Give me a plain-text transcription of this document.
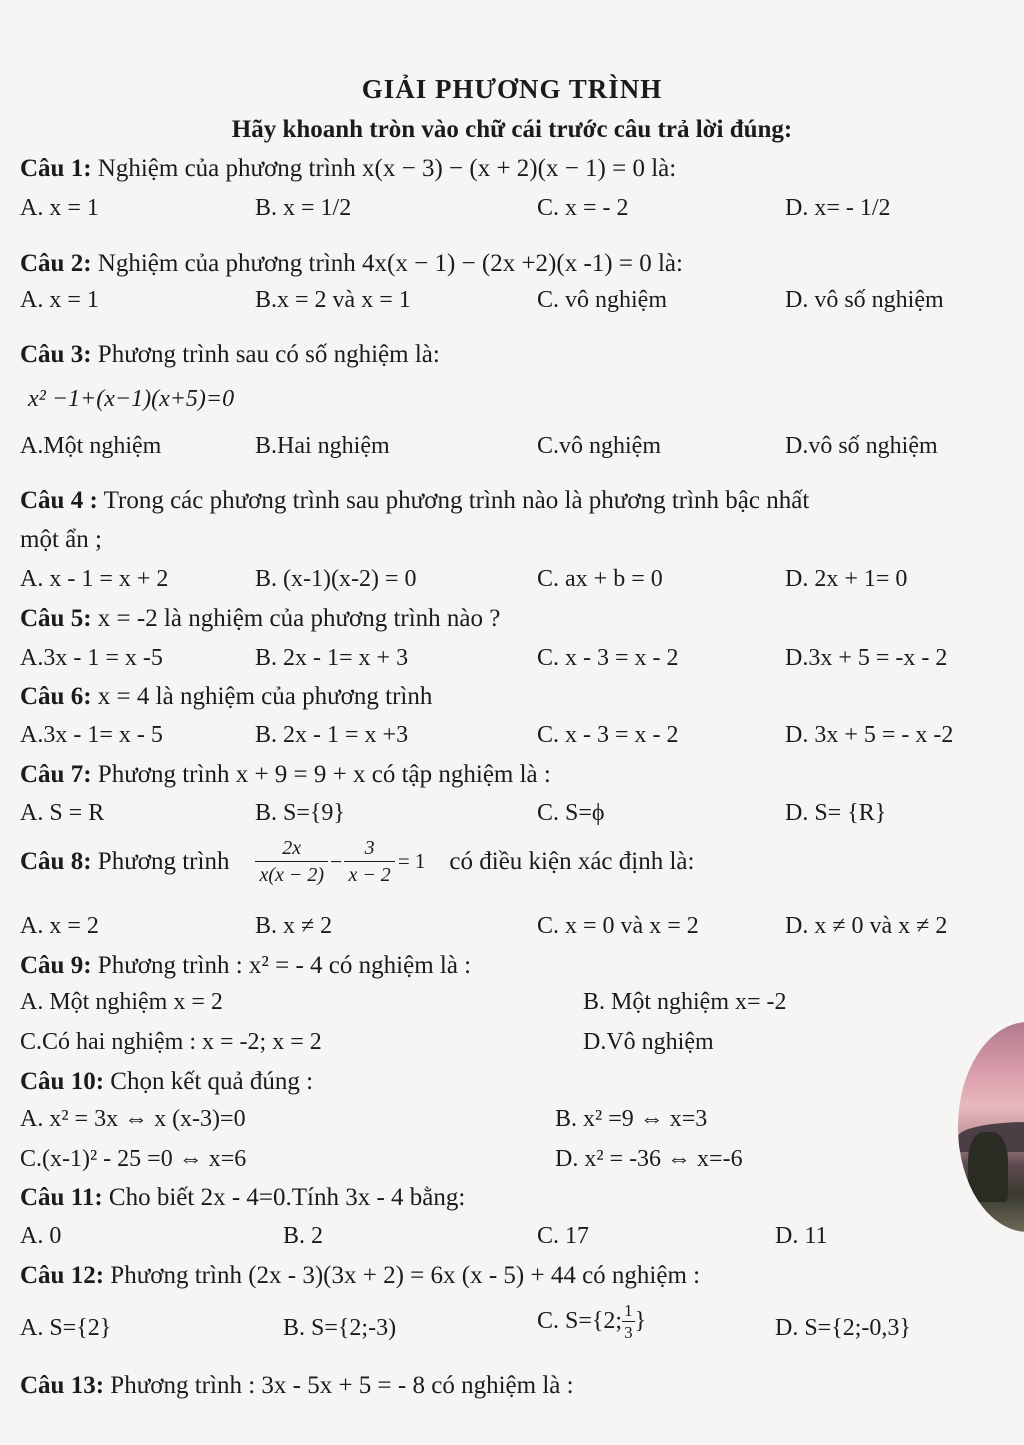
GIẢI PHƯƠNG TRÌNH
Hãy khoanh tròn vào chữ cái trước câu trả lời đúng:
Câu 1: Nghiệm của phương trình x(x − 3) − (x + 2)(x − 1) = 0 là:
A. x = 1	B. x = 1/2	C. x = - 2	D. x= - 1/2
Câu 2: Nghiệm của phương trình 4x(x − 1) − (2x +2)(x -1) = 0 là:
A. x = 1	B.x = 2 và x = 1	C. vô nghiệm	D. vô số nghiệm
Câu 3: Phương trình sau có số nghiệm là:
x² −1+(x−1)(x+5)=0
A.Một nghiệm	B.Hai nghiệm	C.vô nghiệm	D.vô số nghiệm
Câu 4 : Trong các phương trình sau phương trình nào là phương trình bậc nhất
một ẩn ;
A. x - 1 = x + 2	B. (x-1)(x-2) = 0	C. ax + b = 0	D. 2x + 1= 0
Câu 5: x = -2 là nghiệm của phương trình nào ?
A.3x - 1 = x -5	B. 2x - 1= x + 3	C. x - 3 = x - 2	D.3x + 5 = -x - 2
Câu 6: x = 4 là nghiệm của phương trình
A.3x - 1= x - 5	B. 2x - 1 = x +3	C. x - 3 = x - 2	D. 3x + 5 = - x -2
Câu 7: Phương trình x + 9 = 9 + x có tập nghiệm là :
A. S = R	B. S={9}	C. S=ϕ	D. S= {R}
Câu 8:
Phương trình $\frac{2x}{x(x - 2)} - \frac{3}{x - 2} = 1$ có điều kiện xác định là:
A. x = 2	B. x ≠ 2	C. x = 0 và x = 2	D. x ≠ 0 và x ≠ 2
Câu 9: Phương trình : x² = - 4 có nghiệm là :
A. Một nghiệm x = 2	B. Một nghiệm x= -2
C.Có hai nghiệm : x = -2; x = 2	D.Vô nghiệm
Câu 10: Chọn kết quả đúng :
A. x² = 3x ⇔ x (x-3)=0	B. x² =9 ⇔ x=3
C.(x-1)² - 25 =0 ⇔ x=6	D. x² = -36 ⇔ x=-6
Câu 11: Cho biết 2x - 4=0.Tính 3x - 4 bằng:
A. 0	B. 2	C. 17	D. 11
Câu 12: Phương trình (2x - 3)(3x + 2) = 6x (x - 5) + 44 có nghiệm :
A. S={2}	B. S={2;-3)	C. S={2; $\frac{1}{3}$ }	D. S={2;-0,3}
Câu 13: Phương trình : 3x - 5x + 5 = - 8 có nghiệm là :
